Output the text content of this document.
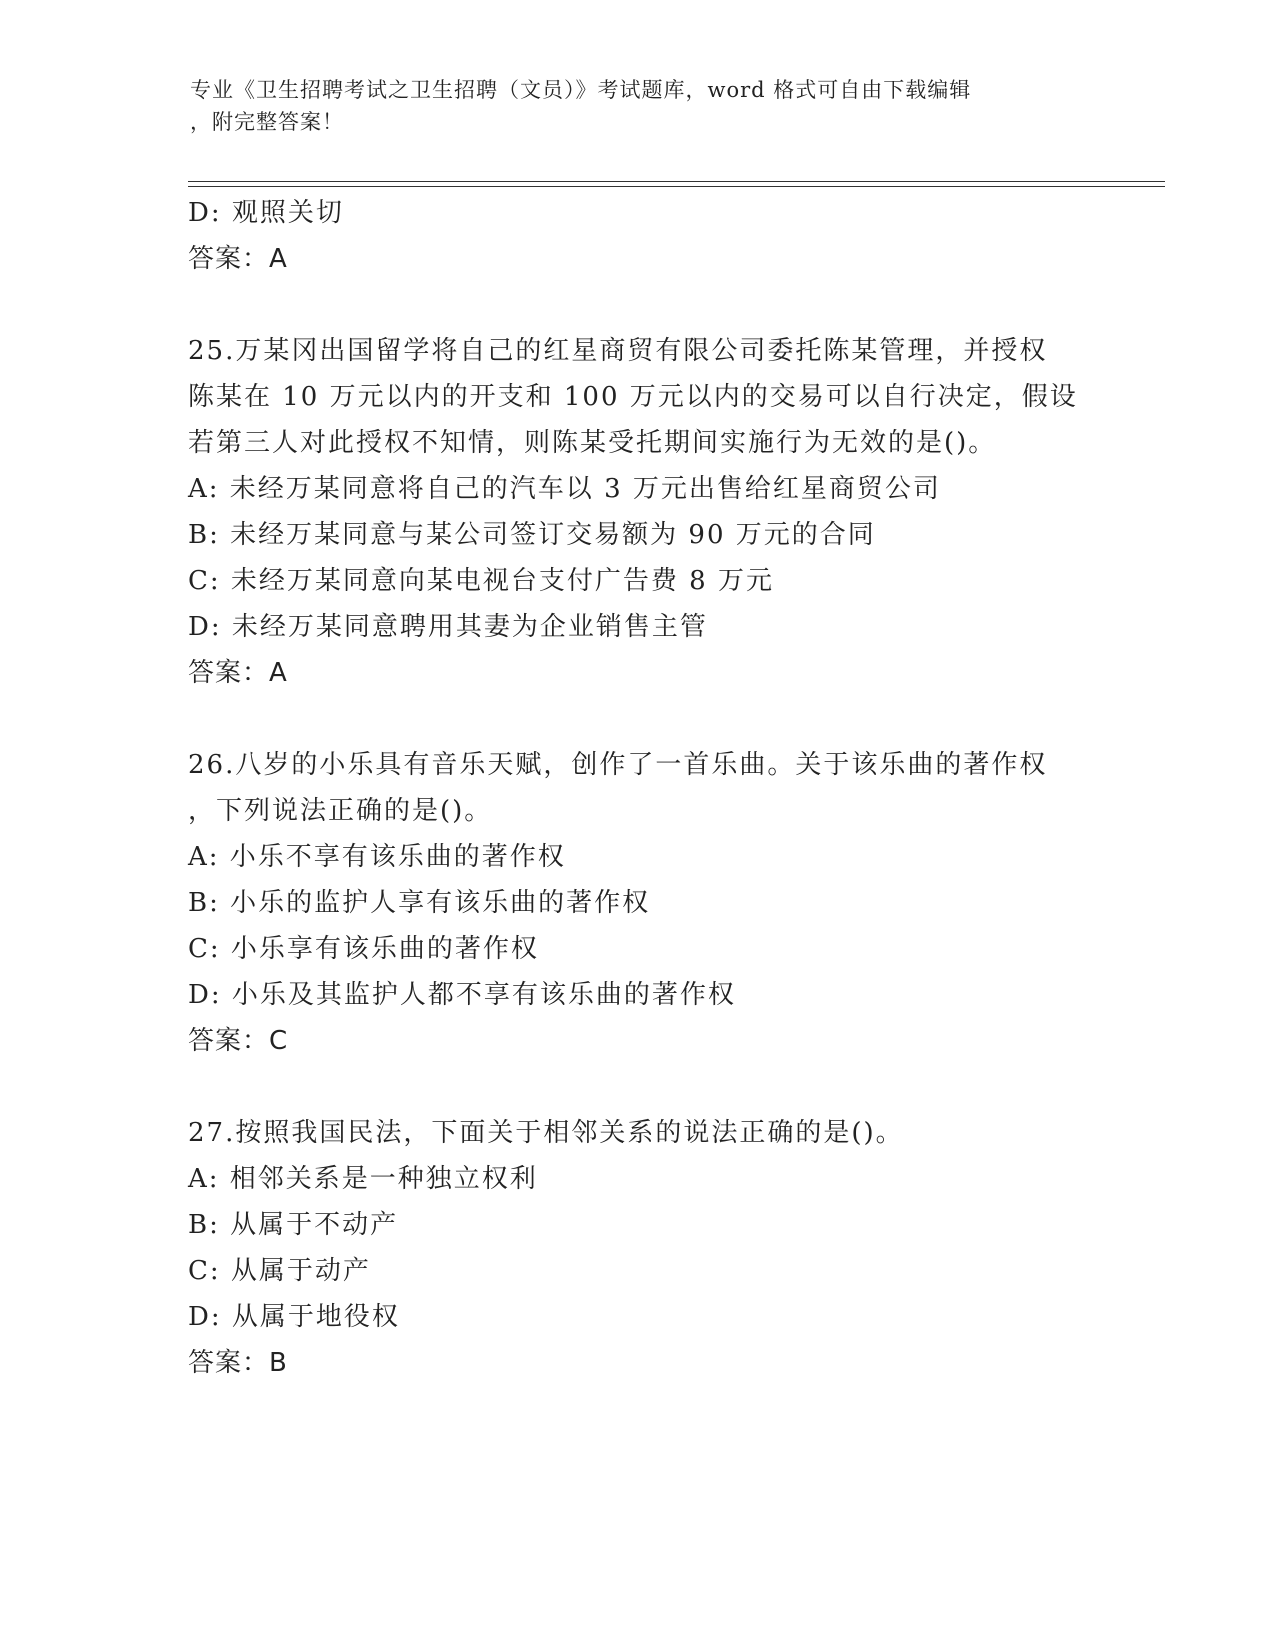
专业《卫生招聘考试之卫生招聘（文员）》考试题库，word 格式可自由下载编辑
，附完整答案！
D: 观照关切
答案：A
25.万某冈出国留学将自己的红星商贸有限公司委托陈某管理，并授权
陈某在 10 万元以内的开支和 100 万元以内的交易可以自行决定，假设
若第三人对此授权不知情，则陈某受托期间实施行为无效的是()。
A: 未经万某同意将自己的汽车以 3 万元出售给红星商贸公司
B: 未经万某同意与某公司签订交易额为 90 万元的合同
C: 未经万某同意向某电视台支付广告费 8 万元
D: 未经万某同意聘用其妻为企业销售主管
答案：A
26.八岁的小乐具有音乐天赋，创作了一首乐曲。关于该乐曲的著作权
，下列说法正确的是()。
A: 小乐不享有该乐曲的著作权
B: 小乐的监护人享有该乐曲的著作权
C: 小乐享有该乐曲的著作权
D: 小乐及其监护人都不享有该乐曲的著作权
答案：C
27.按照我国民法，下面关于相邻关系的说法正确的是()。
A: 相邻关系是一种独立权利
B: 从属于不动产
C: 从属于动产
D: 从属于地役权
答案：B
